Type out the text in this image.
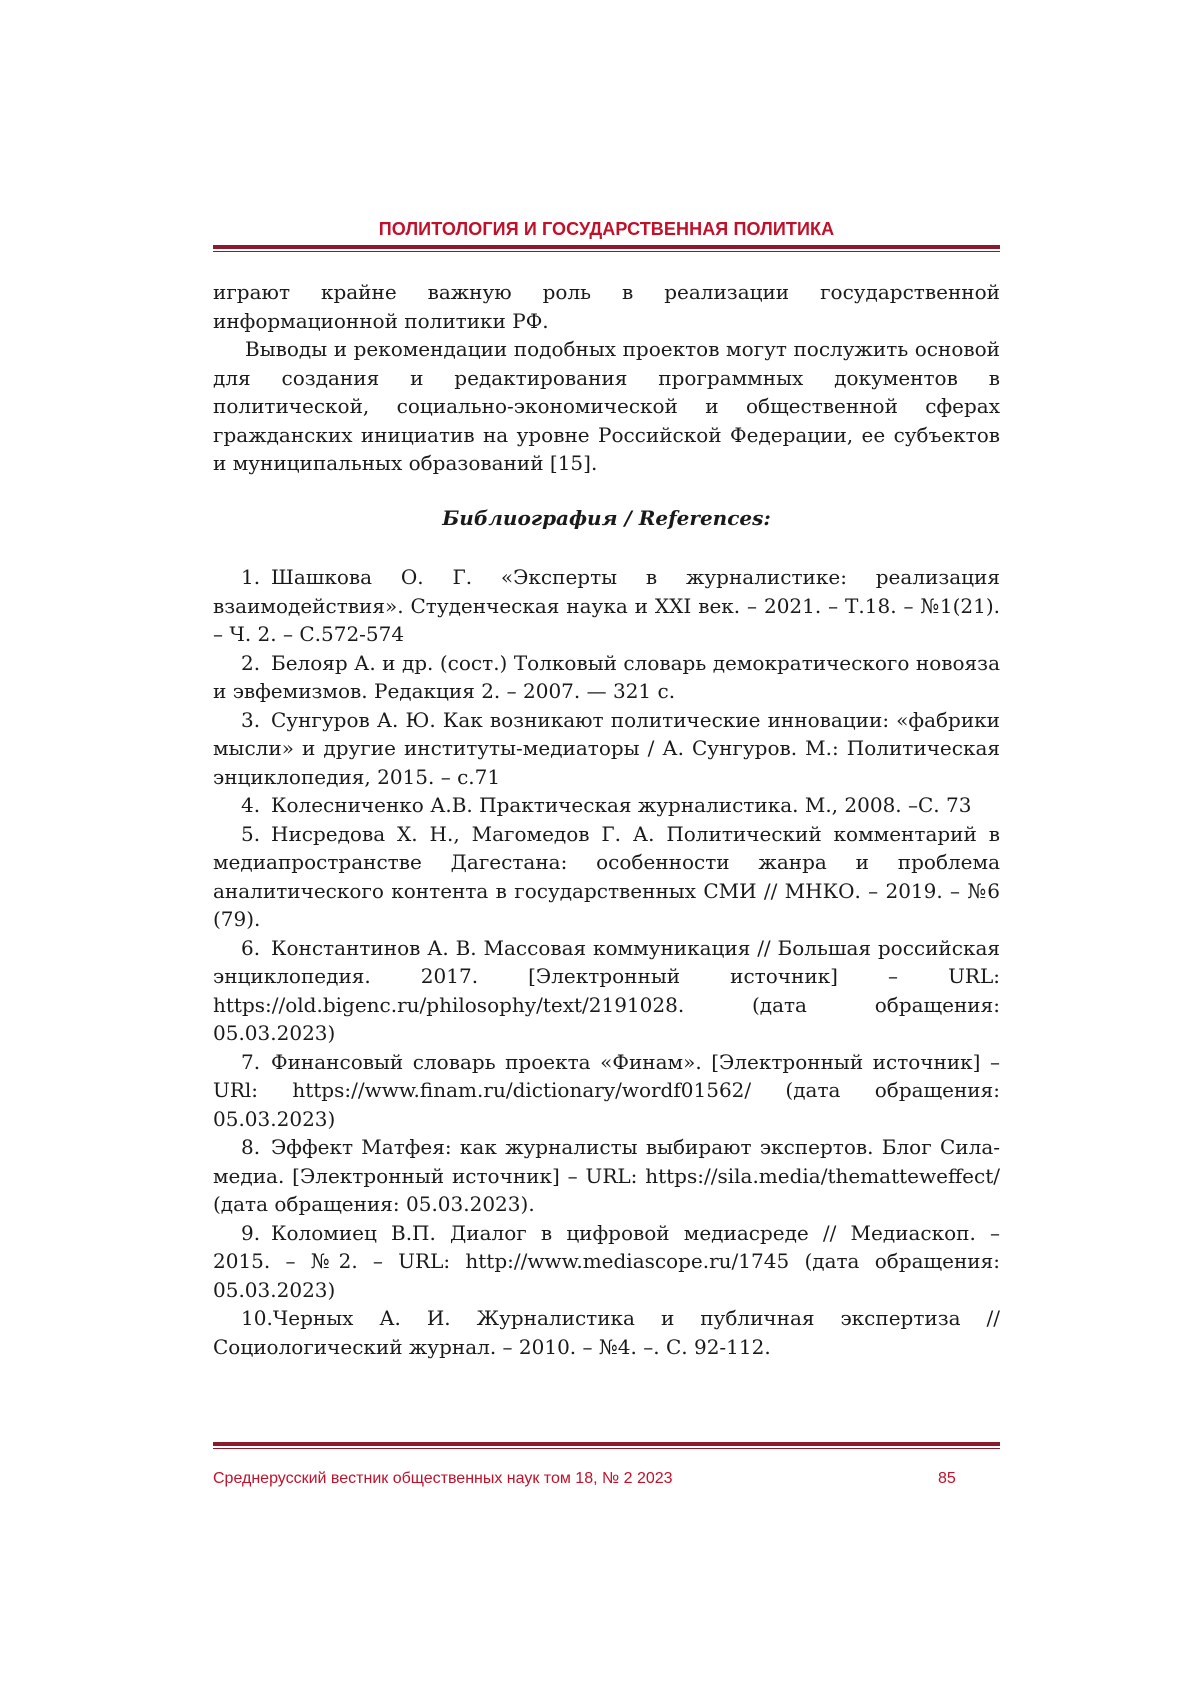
ПОЛИТОЛОГИЯ И ГОСУДАРСТВЕННАЯ ПОЛИТИКА

играют крайне важную роль в реализации государственной информационной политики РФ.

Выводы и рекомендации подобных проектов могут послужить основой для создания и редактирования программных документов в политической, социально-экономической и общественной сферах гражданских инициатив на уровне Российской Федерации, ее субъектов и муниципальных образований [15].

Библиография / References:

1. Шашкова О. Г. «Эксперты в журналистике: реализация взаимодействия». Студенческая наука и XXI век. – 2021. – Т.18. – №1(21). – Ч. 2. – С.572-574

2. Белояр А. и др. (сост.) Толковый словарь демократического новояза и эвфемизмов. Редакция 2. – 2007. — 321 с.

3. Сунгуров А. Ю. Как возникают политические инновации: «фабрики мысли» и другие институты-медиаторы / А. Сунгуров. М.: Политическая энциклопедия, 2015. – с.71

4. Колесниченко А.В. Практическая журналистика. М., 2008. –С. 73

5. Нисредова Х. Н., Магомедов Г. А. Политический комментарий в медиапространстве Дагестана: особенности жанра и проблема аналитического контента в государственных СМИ // МНКО. – 2019. – №6 (79).

6. Константинов А. В. Массовая коммуникация // Большая российская энциклопедия. 2017. [Электронный источник] – URL: https://old.bigenc.ru/philosophy/text/2191028. (дата обращения: 05.03.2023)

7. Финансовый словарь проекта «Финам». [Электронный источник] – URl: https://www.finam.ru/dictionary/wordf01562/ (дата обращения: 05.03.2023)

8. Эффект Матфея: как журналисты выбирают экспертов. Блог Сила-медиа. [Электронный источник] – URL: https://sila.media/thematteweffect/ (дата обращения: 05.03.2023).

9. Коломиец В.П. Диалог в цифровой медиасреде // Медиаскоп. – 2015. – №2. – URL: http://www.mediascope.ru/1745 (дата обращения: 05.03.2023)

10.Черных А. И. Журналистика и публичная экспертиза // Социологический журнал. – 2010. – №4. –. С. 92-112.

Среднерусский вестник общественных наук том 18, № 2 2023	85
